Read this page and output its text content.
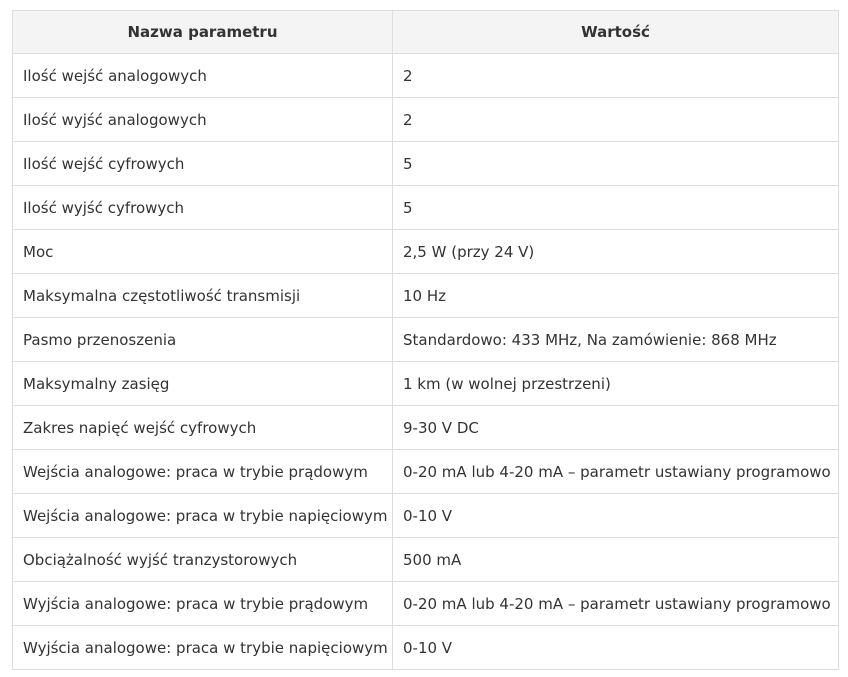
Nazwa parametru	Wartość
Ilość wejść analogowych	2
Ilość wyjść analogowych	2
Ilość wejść cyfrowych	5
Ilość wyjść cyfrowych	5
Moc	2,5 W (przy 24 V)
Maksymalna częstotliwość transmisji	10 Hz
Pasmo przenoszenia	Standardowo: 433 MHz, Na zamówienie: 868 MHz
Maksymalny zasięg	1 km (w wolnej przestrzeni)
Zakres napięć wejść cyfrowych	9-30 V DC
Wejścia analogowe: praca w trybie prądowym	0-20 mA lub 4-20 mA – parametr ustawiany programowo
Wejścia analogowe: praca w trybie napięciowym	0-10 V
Obciążalność wyjść tranzystorowych	500 mA
Wyjścia analogowe: praca w trybie prądowym	0-20 mA lub 4-20 mA – parametr ustawiany programowo
Wyjścia analogowe: praca w trybie napięciowym	0-10 V
